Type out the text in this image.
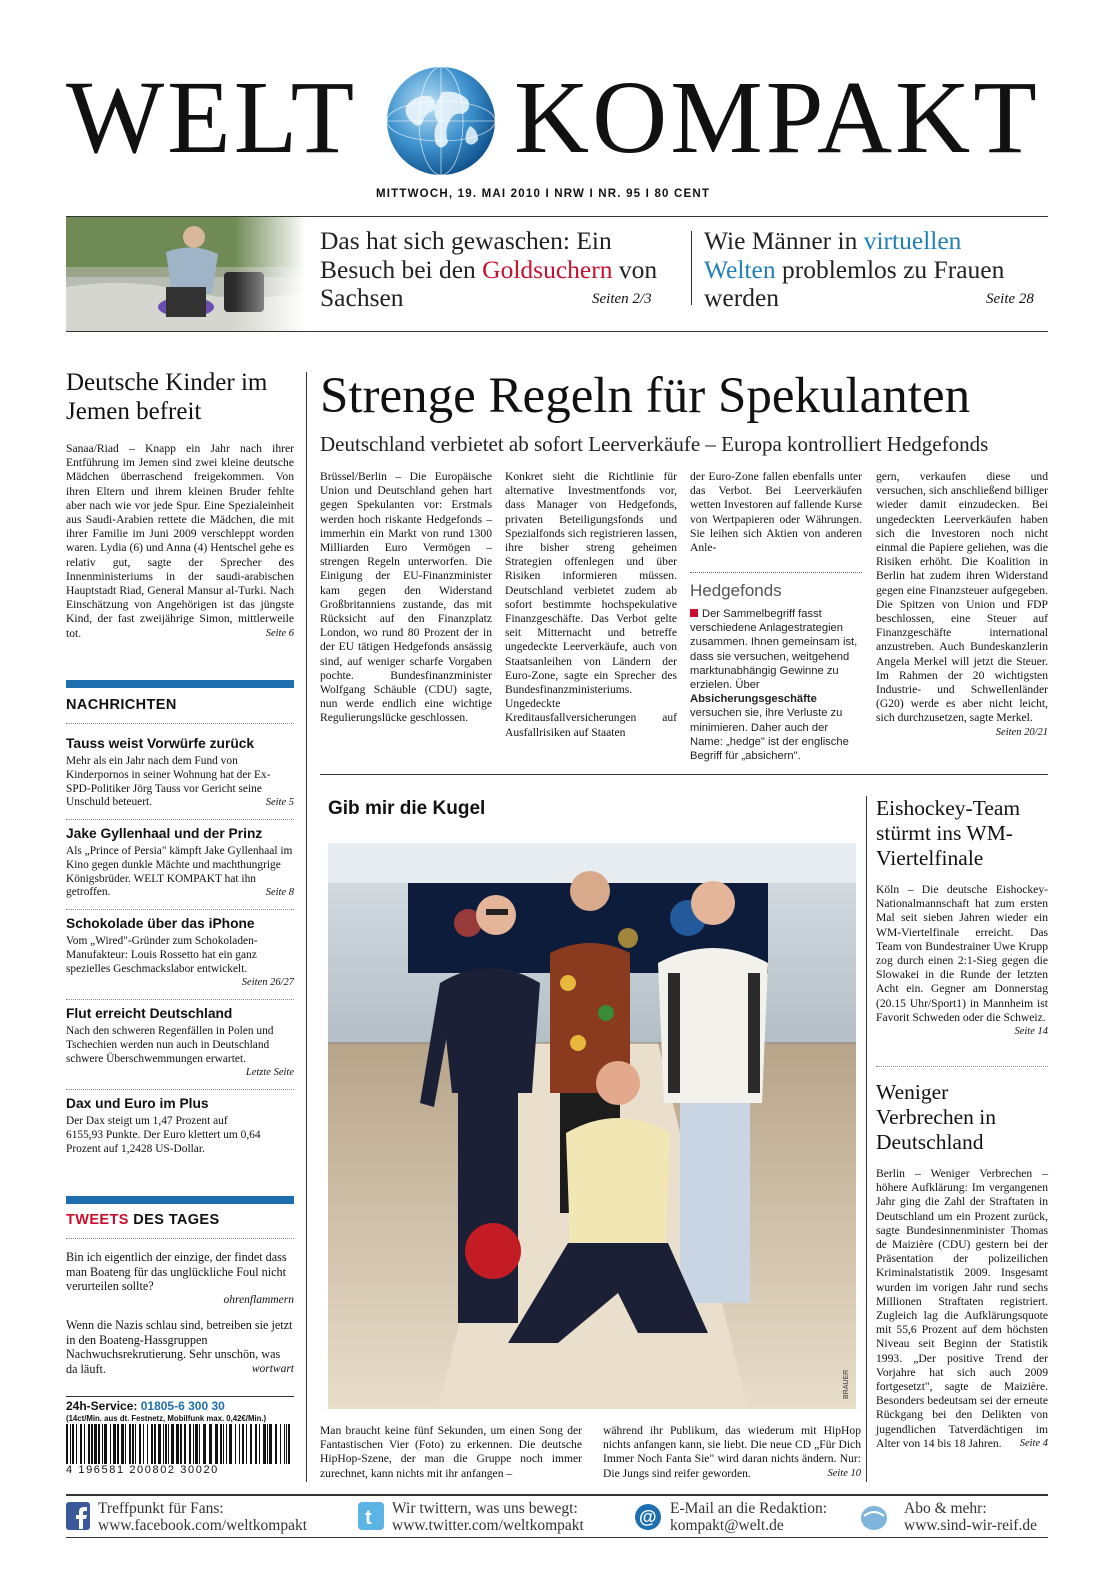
WELT KOMPAKT
MITTWOCH, 19. MAI 2010 I NRW I NR. 95 I 80 CENT
Das hat sich gewaschen: Ein Besuch bei den Goldsuchern von Sachsen	Seiten 2/3
Wie Männer in virtuellen Welten problemlos zu Frauen werden	Seite 28
Deutsche Kinder im Jemen befreit
Sanaa/Riad – Knapp ein Jahr nach ihrer Entführung im Jemen sind zwei kleine deutsche Mädchen überraschend freigekommen. Von ihren Eltern und ihrem kleinen Bruder fehlte aber nach wie vor jede Spur. Eine Spezialeinheit aus Saudi-Arabien rettete die Mädchen, die mit ihrer Familie im Juni 2009 verschleppt worden waren. Lydia (6) und Anna (4) Hentschel gehe es relativ gut, sagte der Sprecher des Innenministeriums in der saudi-arabischen Hauptstadt Riad, General Mansur al-Turki. Nach Einschätzung von Angehörigen ist das jüngste Kind, der fast zweijährige Simon, mittlerweile tot.	Seite 6
NACHRICHTEN
Tauss weist Vorwürfe zurück
Mehr als ein Jahr nach dem Fund von Kinderpornos in seiner Wohnung hat der Ex-SPD-Politiker Jörg Tauss vor Gericht seine Unschuld beteuert.	Seite 5
Jake Gyllenhaal und der Prinz
Als „Prince of Persia" kämpft Jake Gyllenhaal im Kino gegen dunkle Mächte und machthungrige Königsbrüder. WELT KOMPAKT hat ihn getroffen.	Seite 8
Schokolade über das iPhone
Vom „Wired"-Gründer zum Schokoladen-Manufakteur: Louis Rossetto hat ein ganz spezielles Geschmackslabor entwickelt.
Seiten 26/27
Flut erreicht Deutschland
Nach den schweren Regenfällen in Polen und Tschechien werden nun auch in Deutschland schwere Überschwemmungen erwartet.
Letzte Seite
Dax und Euro im Plus
Der Dax steigt um 1,47 Prozent auf 6155,93 Punkte. Der Euro klettert um 0,64 Prozent auf 1,2428 US-Dollar.
TWEETS DES TAGES
Bin ich eigentlich der einzige, der findet dass man Boateng für das unglückliche Foul nicht verurteilen sollte?
ohrenflammern
Wenn die Nazis schlau sind, betreiben sie jetzt in den Boateng-Hassgruppen Nachwuchsrekrutierung. Sehr unschön, was da läuft.	wortwart
24h-Service: 01805-6 300 30
(14ct/Min. aus dt. Festnetz, Mobilfunk max. 0,42€/Min.)
4 196581 200802 30020
Strenge Regeln für Spekulanten
Deutschland verbietet ab sofort Leerverkäufe – Europa kontrolliert Hedgefonds
Brüssel/Berlin – Die Europäische Union und Deutschland gehen hart gegen Spekulanten vor: Erstmals werden hoch riskante Hedgefonds – immerhin ein Markt von rund 1300 Milliarden Euro Vermögen – strengen Regeln unterworfen. Die Einigung der EU-Finanzminister kam gegen den Widerstand Großbritanniens zustande, das mit Rücksicht auf den Finanzplatz London, wo rund 80 Prozent der in der EU tätigen Hedgefonds ansässig sind, auf weniger scharfe Vorgaben pochte. Bundesfinanzminister Wolfgang Schäuble (CDU) sagte, nun werde endlich eine wichtige Regulierungslücke geschlossen.
Konkret sieht die Richtlinie für alternative Investmentfonds vor, dass Manager von Hedgefonds, privaten Beteiligungsfonds und Spezialfonds sich registrieren lassen, ihre bisher streng geheimen Strategien offenlegen und über Risiken informieren müssen. Deutschland verbietet zudem ab sofort bestimmte hochspekulative Finanzgeschäfte. Das Verbot gelte seit Mitternacht und betreffe ungedeckte Leerverkäufe, auch von Staatsanleihen von Ländern der Euro-Zone, sagte ein Sprecher des Bundesfinanzministeriums. Ungedeckte Kreditausfallversicherungen auf Ausfallrisiken auf Staaten
der Euro-Zone fallen ebenfalls unter das Verbot. Bei Leerverkäufen wetten Investoren auf fallende Kurse von Wertpapieren oder Währungen. Sie leihen sich Aktien von anderen Anle-
Hedgefonds
Der Sammelbegriff fasst verschiedene Anlagestrategien zusammen. Ihnen gemeinsam ist, dass sie versuchen, weitgehend marktunabhängig Gewinne zu erzielen. Über Absicherungsgeschäfte versuchen sie, ihre Verluste zu minimieren. Daher auch der Name: „hedge" ist der englische Begriff für „absichern".
gern, verkaufen diese und versuchen, sich anschließend billiger wieder damit einzudecken. Bei ungedeckten Leerverkäufen haben sich die Investoren noch nicht einmal die Papiere geliehen, was die Risiken erhöht. Die Koalition in Berlin hat zudem ihren Widerstand gegen eine Finanzsteuer aufgegeben. Die Spitzen von Union und FDP beschlossen, eine Steuer auf Finanzgeschäfte international anzustreben. Auch Bundeskanzlerin Angela Merkel will jetzt die Steuer. Im Rahmen der 20 wichtigsten Industrie- und Schwellenländer (G20) werde es aber nicht leicht, sich durchzusetzen, sagte Merkel.
Seiten 20/21
Gib mir die Kugel
BRAUER
Man braucht keine fünf Sekunden, um einen Song der Fantastischen Vier (Foto) zu erkennen. Die deutsche HipHop-Szene, der man die Gruppe noch immer zurechnet, kann nichts mit ihr anfangen –
während ihr Publikum, das wiederum mit HipHop nichts anfangen kann, sie liebt. Die neue CD „Für Dich Immer Noch Fanta Sie" wird daran nichts ändern. Nur: Die Jungs sind reifer geworden.	Seite 10
Eishockey-Team stürmt ins WM-Viertelfinale
Köln – Die deutsche Eishockey-Nationalmannschaft hat zum ersten Mal seit sieben Jahren wieder ein WM-Viertelfinale erreicht. Das Team von Bundestrainer Uwe Krupp zog durch einen 2:1-Sieg gegen die Slowakei in die Runde der letzten Acht ein. Gegner am Donnerstag (20.15 Uhr/Sport1) in Mannheim ist Favorit Schweden oder die Schweiz.
Seite 14
Weniger Verbrechen in Deutschland
Berlin – Weniger Verbrechen – höhere Aufklärung: Im vergangenen Jahr ging die Zahl der Straftaten in Deutschland um ein Prozent zurück, sagte Bundesinnenminister Thomas de Maizière (CDU) gestern bei der Präsentation der polizeilichen Kriminalstatistik 2009. Insgesamt wurden im vorigen Jahr rund sechs Millionen Straftaten registriert. Zugleich lag die Aufklärungsquote mit 55,6 Prozent auf dem höchsten Niveau seit Beginn der Statistik 1993. „Der positive Trend der Vorjahre hat sich auch 2009 fortgesetzt", sagte de Maizière. Besonders bedeutsam sei der erneute Rückgang bei den Delikten von jugendlichen Tatverdächtigen im Alter von 14 bis 18 Jahren. Seite 4
Treffpunkt für Fans:
www.facebook.com/weltkompakt	t Wir twittern, was uns bewegt:
www.twitter.com/weltkompakt	@ E-Mail an die Redaktion:
kompakt@welt.de
Abo & mehr:
www.sind-wir-reif.de
